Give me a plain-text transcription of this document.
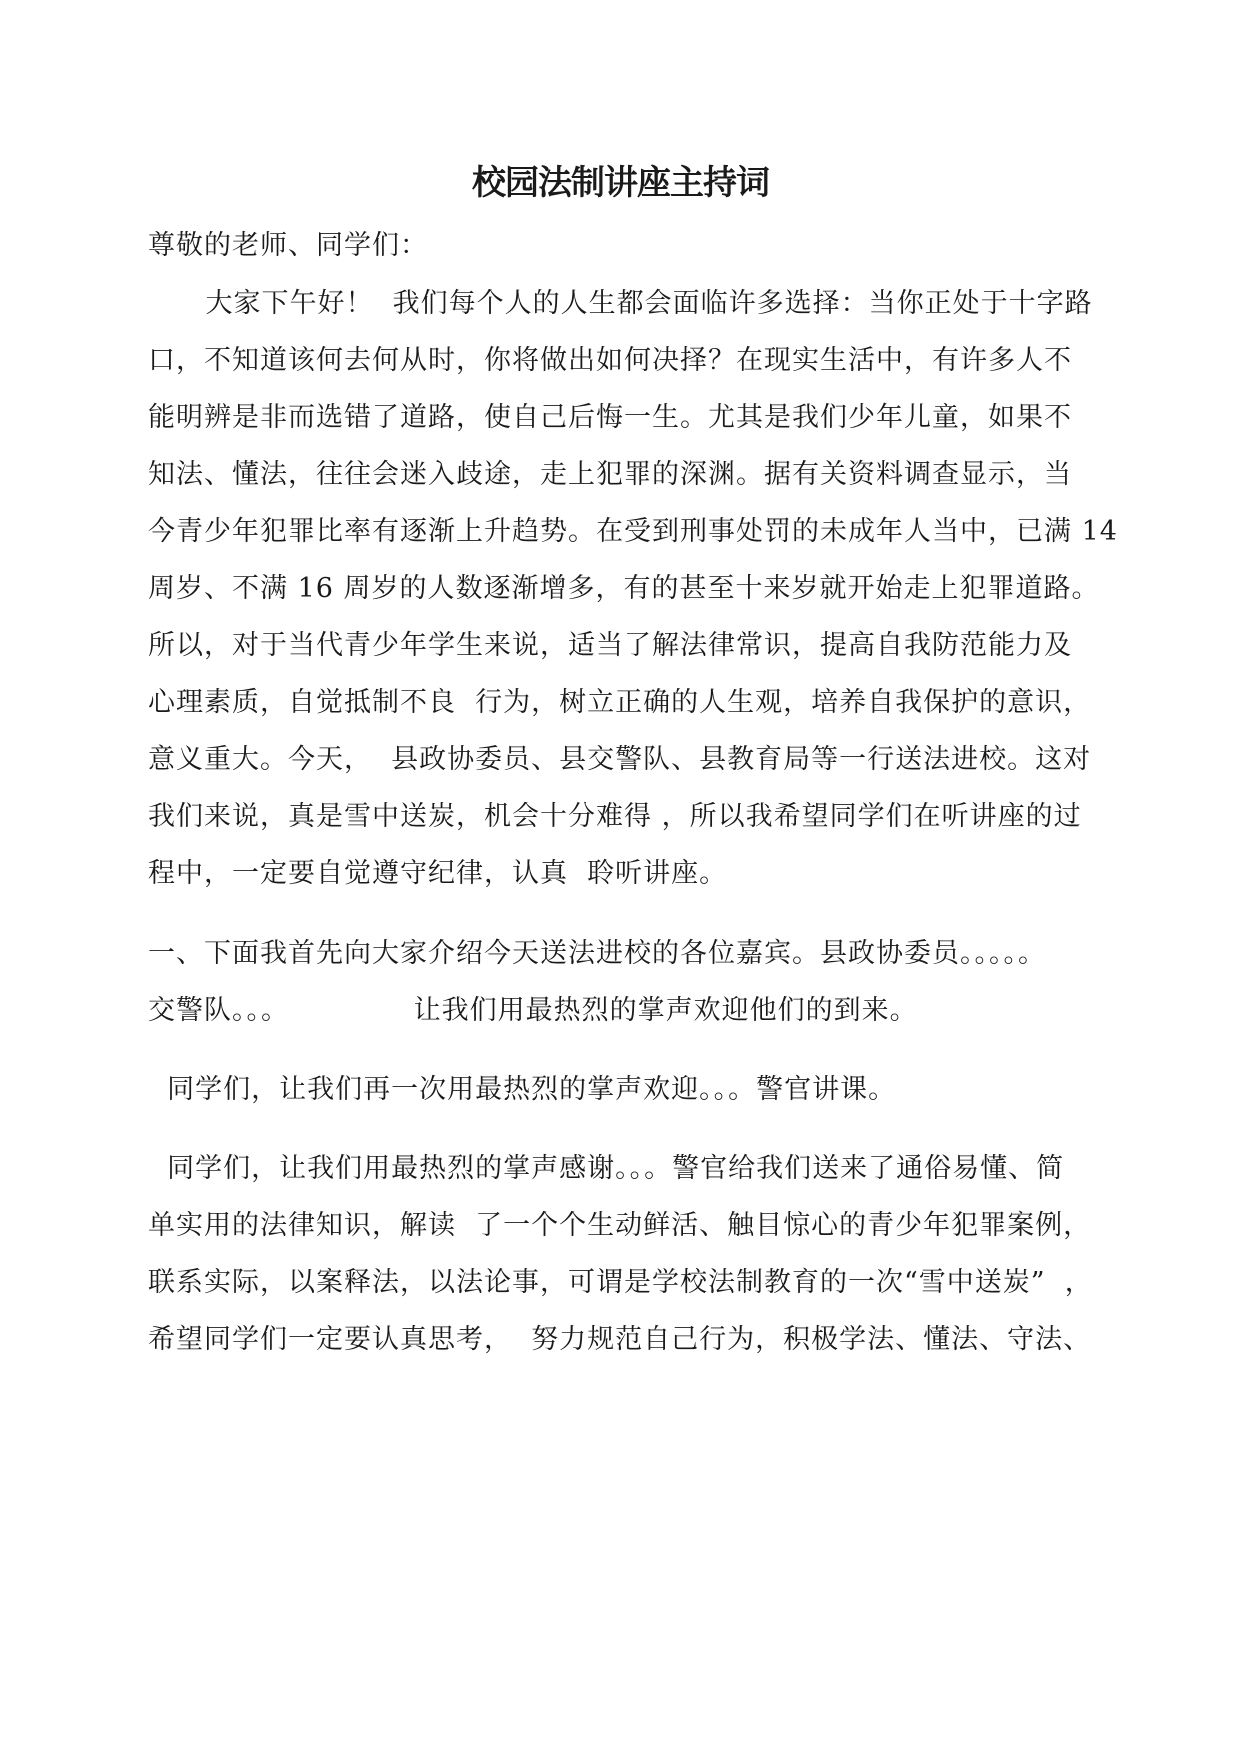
校园法制讲座主持词
尊敬的老师、同学们：
大家下午好！  我们每个人的人生都会面临许多选择：当你正处于十字路
口，不知道该何去何从时，你将做出如何决择？在现实生活中，有许多人不
能明辨是非而选错了道路，使自己后悔一生。尤其是我们少年儿童，如果不
知法、懂法，往往会迷入歧途，走上犯罪的深渊。据有关资料调查显示，当
今青少年犯罪比率有逐渐上升趋势。在受到刑事处罚的未成年人当中，已满 14
周岁、不满 16 周岁的人数逐渐增多，有的甚至十来岁就开始走上犯罪道路。
所以，对于当代青少年学生来说，适当了解法律常识，提高自我防范能力及
心理素质，自觉抵制不良  行为，树立正确的人生观，培养自我保护的意识，
意义重大。今天，  县政协委员、县交警队、县教育局等一行送法进校。这对
我们来说，真是雪中送炭，机会十分难得 ，所以我希望同学们在听讲座的过
程中，一定要自觉遵守纪律，认真  聆听讲座。
一、下面我首先向大家介绍今天送法进校的各位嘉宾。县政协委员。。。。。
交警队。。。             让我们用最热烈的掌声欢迎他们的到来。
同学们，让我们再一次用最热烈的掌声欢迎。。。警官讲课。
同学们，让我们用最热烈的掌声感谢。。。警官给我们送来了通俗易懂、简
单实用的法律知识，解读  了一个个生动鲜活、触目惊心的青少年犯罪案例，
联系实际，以案释法，以法论事，可谓是学校法制教育的一次“雪中送炭”  ，
希望同学们一定要认真思考，  努力规范自己行为，积极学法、懂法、守法、
